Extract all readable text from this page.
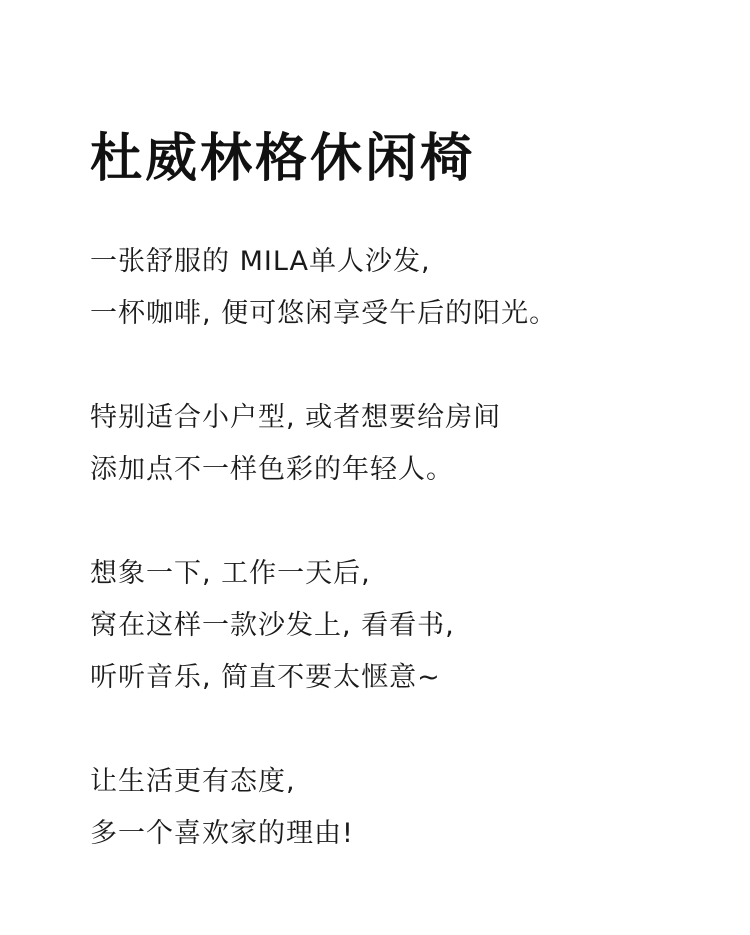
杜威林格休闲椅

一张舒服的 MILA单人沙发,

一杯咖啡, 便可悠闲享受午后的阳光。

特别适合小户型, 或者想要给房间

添加点不一样色彩的年轻人。

想象一下, 工作一天后,

窝在这样一款沙发上, 看看书,

听听音乐, 简直不要太惬意~

让生活更有态度,

多一个喜欢家的理由!
